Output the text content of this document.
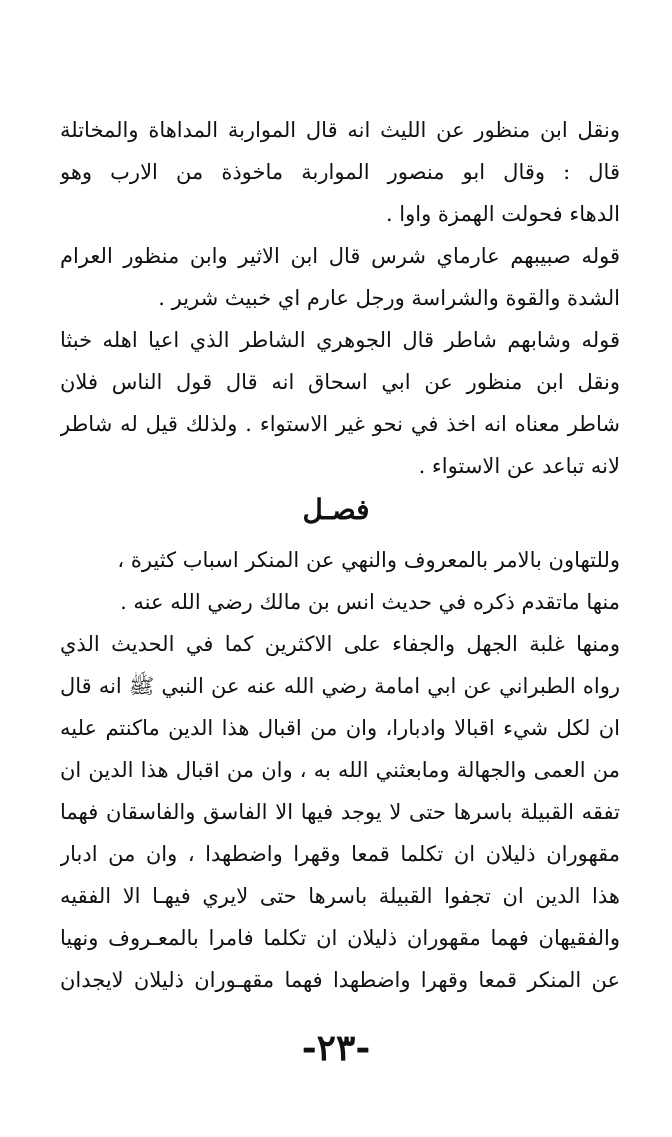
ونقل ابن منظور عن الليث انه قال المواربة المداهاة والمخاتلة
قال : وقال ابو منصور المواربة ماخوذة من الارب وهو
الدهاء فحولت الهمزة واوا .
قوله صبيبهم عارماي شرس قال ابن الاثير وابن منظور العرام
الشدة والقوة والشراسة ورجل عارم اي خبيث شرير .
قوله وشابهم شاطر قال الجوهري الشاطر الذي اعيا اهله خبثا
ونقل ابن منظور عن ابي اسحاق انه قال قول الناس فلان
شاطر معناه انه اخذ في نحو غير الاستواء . ولذلك قيل له شاطر
لانه تباعد عن الاستواء .
فصـل
وللتهاون بالامر بالمعروف والنهي عن المنكر اسباب كثيرة ،
منها ماتقدم ذكره في حديث انس بن مالك رضي الله عنه .
ومنها غلبة الجهل والجفاء على الاكثرين كما في الحديث الذي
رواه الطبراني عن ابي امامة رضي الله عنه عن النبي ﷺ انه قال
ان لكل شيء اقبالا وادبارا، وان من اقبال هذا الدين ماكنتم عليه
من العمى والجهالة ومابعثني الله به ، وان من اقبال هذا الدين ان
تفقه القبيلة باسرها حتى لا يوجد فيها الا الفاسق والفاسقان فهما
مقهوران ذليلان ان تكلما قمعا وقهرا واضطهدا ، وان من ادبار
هذا الدين ان تجفوا القبيلة باسرها حتى لايري فيهـا الا الفقيه
والفقيهان فهما مقهوران ذليلان ان تكلما فامرا بالمعـروف ونهيا
عن المنكر قمعا وقهرا واضطهدا فهما مقهـوران ذليلان لايجدان
-٢٣-
